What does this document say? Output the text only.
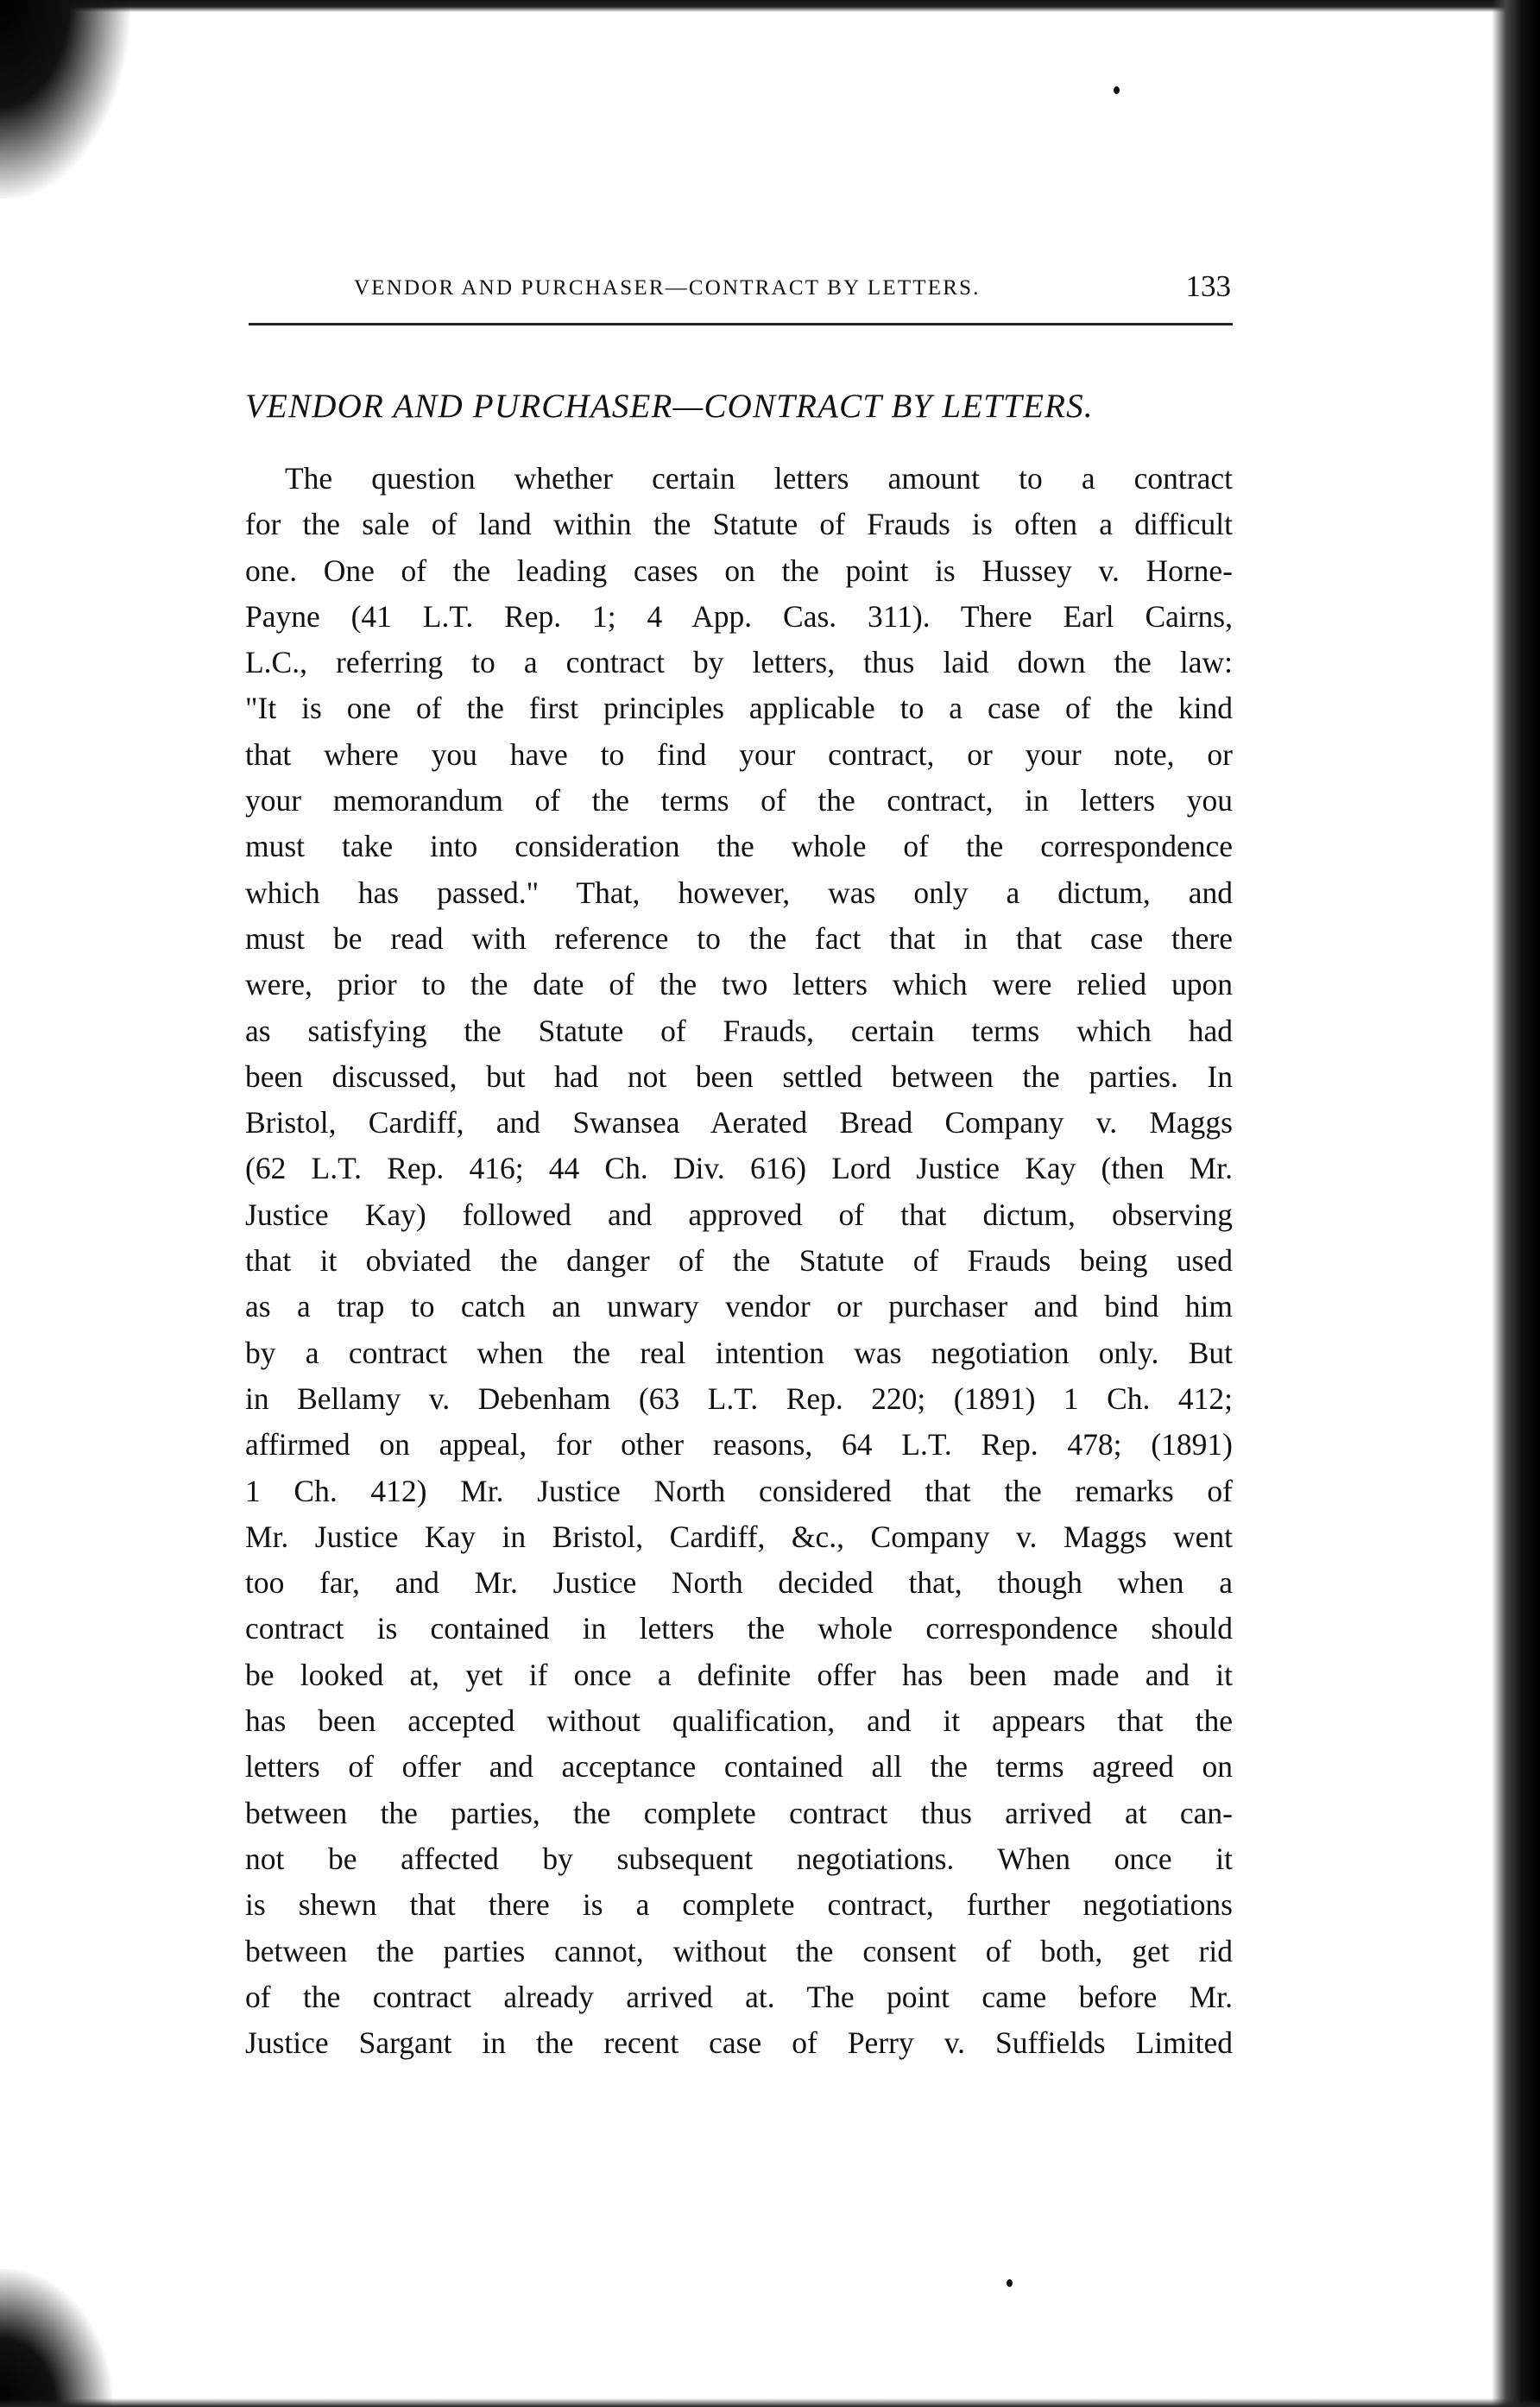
VENDOR AND PURCHASER—CONTRACT BY LETTERS.	133
VENDOR AND PURCHASER—CONTRACT BY LETTERS.
The question whether certain letters amount to a contract
for the sale of land within the Statute of Frauds is often a difficult
one. One of the leading cases on the point is Hussey v. Horne-
Payne (41 L.T. Rep. 1; 4 App. Cas. 311). There Earl Cairns,
L.C., referring to a contract by letters, thus laid down the law:
"It is one of the first principles applicable to a case of the kind
that where you have to find your contract, or your note, or
your memorandum of the terms of the contract, in letters you
must take into consideration the whole of the correspondence
which has passed." That, however, was only a dictum, and
must be read with reference to the fact that in that case there
were, prior to the date of the two letters which were relied upon
as satisfying the Statute of Frauds, certain terms which had
been discussed, but had not been settled between the parties. In
Bristol, Cardiff, and Swansea Aerated Bread Company v. Maggs
(62 L.T. Rep. 416; 44 Ch. Div. 616) Lord Justice Kay (then Mr.
Justice Kay) followed and approved of that dictum, observing
that it obviated the danger of the Statute of Frauds being used
as a trap to catch an unwary vendor or purchaser and bind him
by a contract when the real intention was negotiation only. But
in Bellamy v. Debenham (63 L.T. Rep. 220; (1891) 1 Ch. 412;
affirmed on appeal, for other reasons, 64 L.T. Rep. 478; (1891)
1 Ch. 412) Mr. Justice North considered that the remarks of
Mr. Justice Kay in Bristol, Cardiff, &c., Company v. Maggs went
too far, and Mr. Justice North decided that, though when a
contract is contained in letters the whole correspondence should
be looked at, yet if once a definite offer has been made and it
has been accepted without qualification, and it appears that the
letters of offer and acceptance contained all the terms agreed on
between the parties, the complete contract thus arrived at can-
not be affected by subsequent negotiations. When once it
is shewn that there is a complete contract, further negotiations
between the parties cannot, without the consent of both, get rid
of the contract already arrived at. The point came before Mr.
Justice Sargant in the recent case of Perry v. Suffields Limited
